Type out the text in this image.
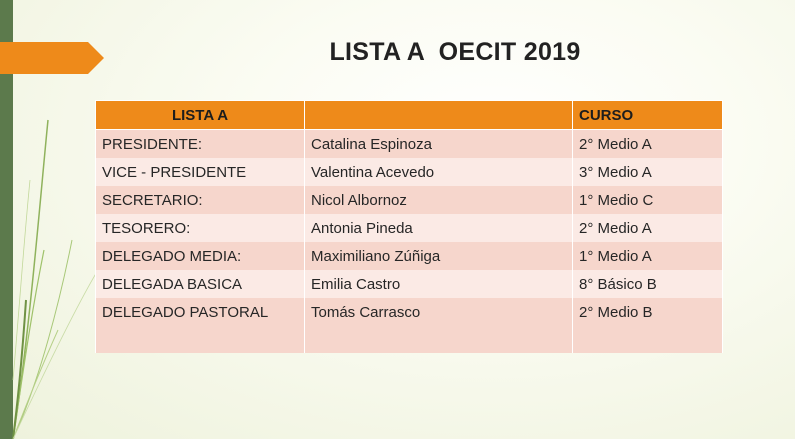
LISTA A  OECIT 2019
LISTA A		CURSO
PRESIDENTE:	Catalina Espinoza	2° Medio A
VICE - PRESIDENTE	Valentina Acevedo	3° Medio A
SECRETARIO:	Nicol Albornoz	1° Medio C
TESORERO:	Antonia Pineda	2° Medio A
DELEGADO MEDIA:	Maximiliano Zúñiga	1° Medio A
DELEGADA BASICA	Emilia Castro	8° Básico B
DELEGADO PASTORAL	Tomás Carrasco	2° Medio B
